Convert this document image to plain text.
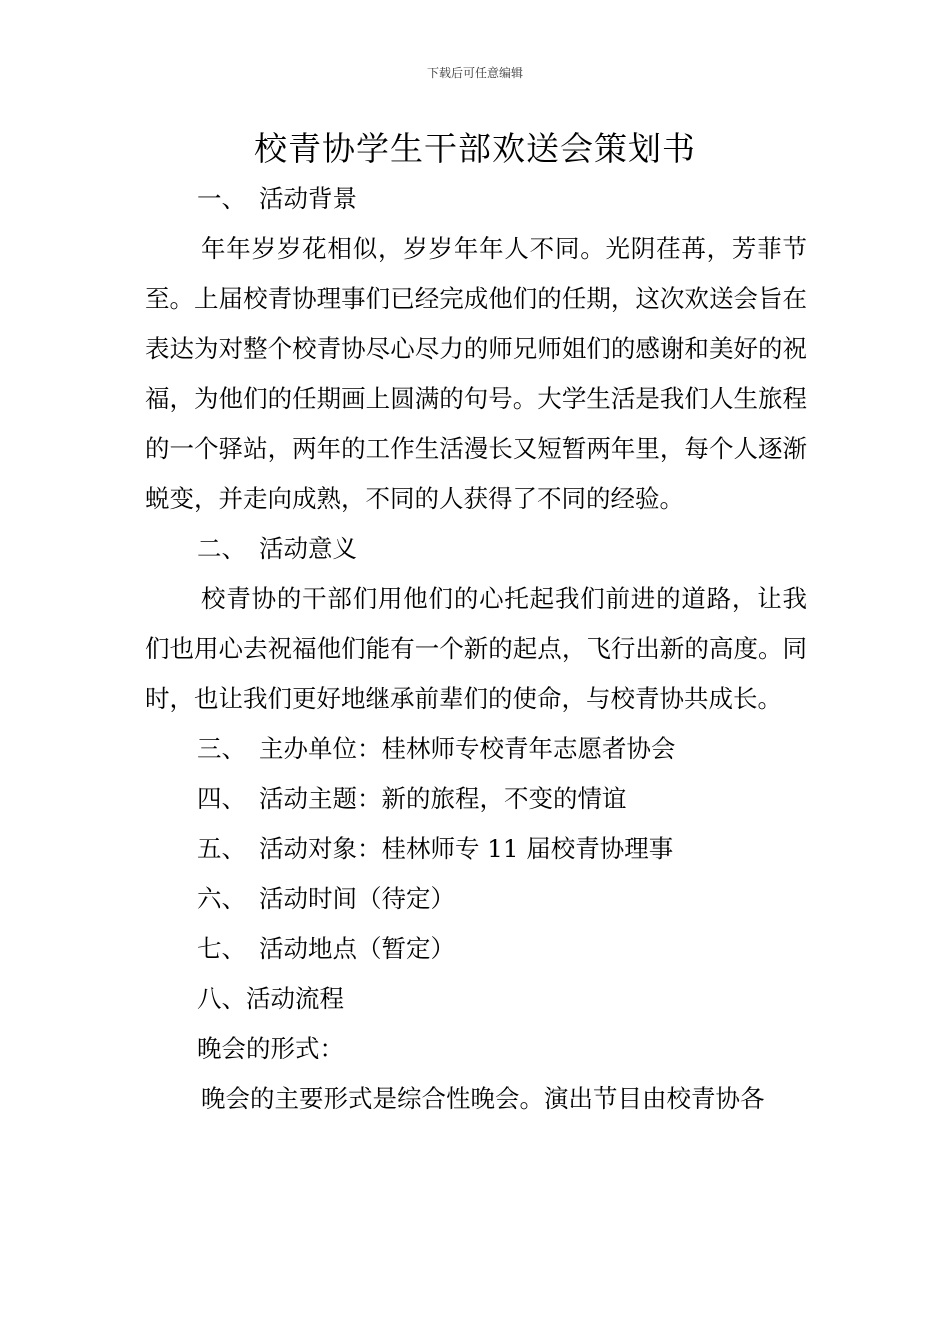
下载后可任意编辑
校青协学生干部欢送会策划书
一、 活动背景

年年岁岁花相似，岁岁年年人不同。光阴荏苒，芳菲节至。上届校青协理事们已经完成他们的任期，这次欢送会旨在表达为对整个校青协尽心尽力的师兄师姐们的感谢和美好的祝福，为他们的任期画上圆满的句号。大学生活是我们人生旅程的一个驿站，两年的工作生活漫长又短暂两年里，每个人逐渐蜕变，并走向成熟，不同的人获得了不同的经验。

二、 活动意义

校青协的干部们用他们的心托起我们前进的道路，让我们也用心去祝福他们能有一个新的起点，飞行出新的高度。同时，也让我们更好地继承前辈们的使命，与校青协共成长。

三、 主办单位：桂林师专校青年志愿者协会
四、 活动主题：新的旅程，不变的情谊
五、 活动对象：桂林师专 11 届校青协理事
六、 活动时间（待定）
七、 活动地点（暂定）
八、活动流程
晚会的形式：

晚会的主要形式是综合性晚会。演出节目由校青协各
